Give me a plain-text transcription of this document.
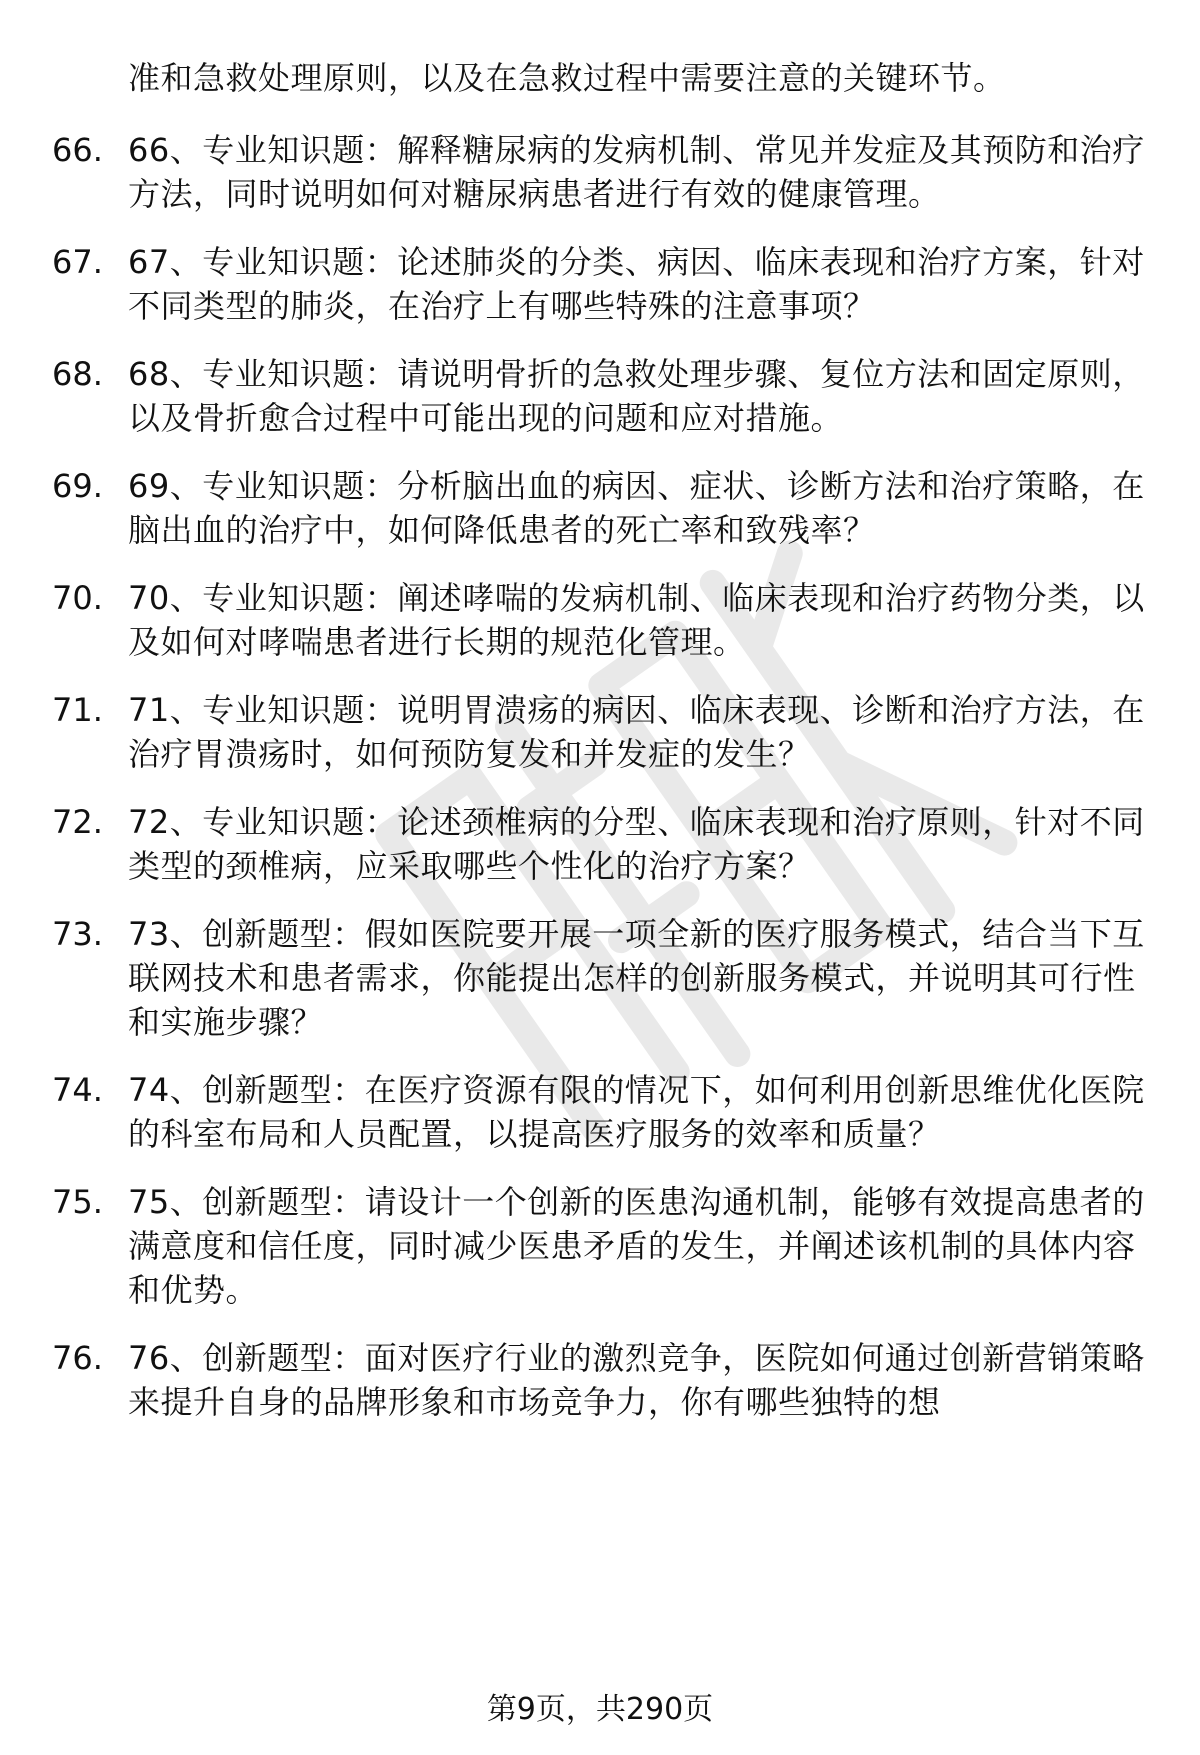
准和急救处理原则，以及在急救过程中需要注意的关键环节。
66. 66、专业知识题：解释糖尿病的发病机制、常见并发症及其预防和治疗方法，同时说明如何对糖尿病患者进行有效的健康管理。
67. 67、专业知识题：论述肺炎的分类、病因、临床表现和治疗方案，针对不同类型的肺炎，在治疗上有哪些特殊的注意事项？
68. 68、专业知识题：请说明骨折的急救处理步骤、复位方法和固定原则，以及骨折愈合过程中可能出现的问题和应对措施。
69. 69、专业知识题：分析脑出血的病因、症状、诊断方法和治疗策略，在脑出血的治疗中，如何降低患者的死亡率和致残率？
70. 70、专业知识题：阐述哮喘的发病机制、临床表现和治疗药物分类，以及如何对哮喘患者进行长期的规范化管理。
71. 71、专业知识题：说明胃溃疡的病因、临床表现、诊断和治疗方法，在治疗胃溃疡时，如何预防复发和并发症的发生？
72. 72、专业知识题：论述颈椎病的分型、临床表现和治疗原则，针对不同类型的颈椎病，应采取哪些个性化的治疗方案？
73. 73、创新题型：假如医院要开展一项全新的医疗服务模式，结合当下互联网技术和患者需求，你能提出怎样的创新服务模式，并说明其可行性和实施步骤？
74. 74、创新题型：在医疗资源有限的情况下，如何利用创新思维优化医院的科室布局和人员配置，以提高医疗服务的效率和质量？
75. 75、创新题型：请设计一个创新的医患沟通机制，能够有效提高患者的满意度和信任度，同时减少医患矛盾的发生，并阐述该机制的具体内容和优势。
76. 76、创新题型：面对医疗行业的激烈竞争，医院如何通过创新营销策略来提升自身的品牌形象和市场竞争力，你有哪些独特的想
第9页，共290页
